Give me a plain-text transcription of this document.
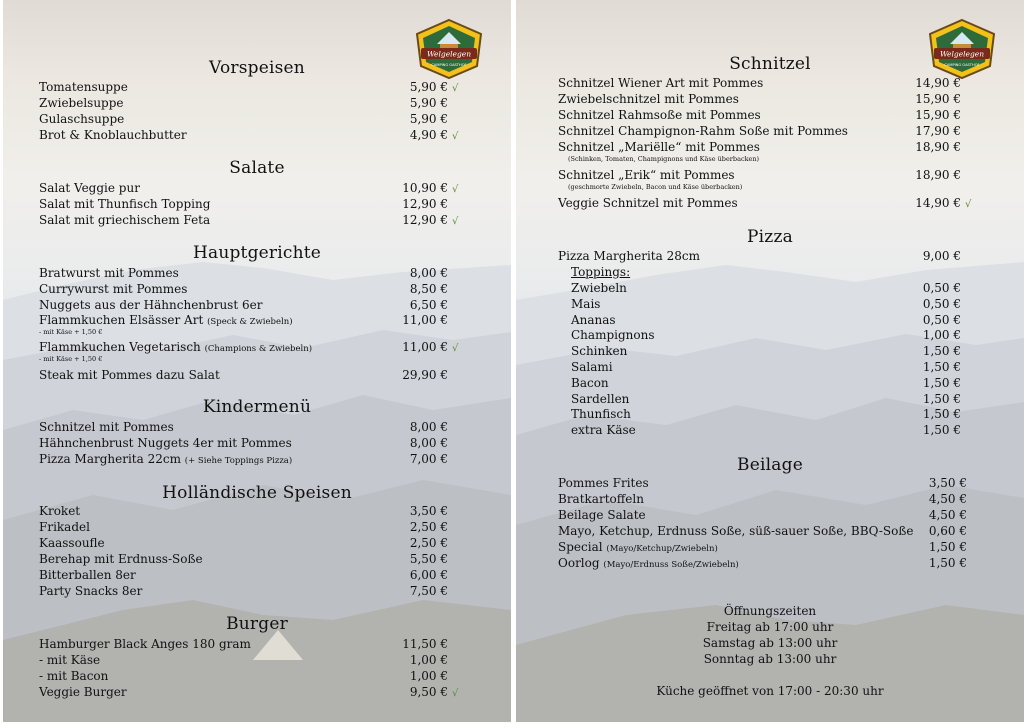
Welgelegen
CAMPING GASTHOF
Vorspeisen
Tomatensuppe	5,90 € √
Zwiebelsuppe	5,90 €
Gulaschsuppe	5,90 €
Brot & Knoblauchbutter	4,90 € √
Salate
Salat Veggie pur	10,90 € √
Salat mit Thunfisch Topping	12,90 €
Salat mit griechischem Feta	12,90 € √
Hauptgerichte
Bratwurst mit Pommes	8,00 €
Currywurst mit Pommes	8,50 €
Nuggets aus der Hähnchenbrust 6er	6,50 €
Flammkuchen Elsässer Art (Speck & Zwiebeln)	11,00 €
- mit Käse + 1,50 €
Flammkuchen Vegetarisch (Champions & Zwiebeln)	11,00 € √
- mit Käse + 1,50 €
Steak mit Pommes dazu Salat	29,90 €
Kindermenü
Schnitzel mit Pommes	8,00 €
Hähnchenbrust Nuggets 4er mit Pommes	8,00 €
Pizza Margherita 22cm (+ Siehe Toppings Pizza)	7,00 €
Holländische Speisen
Kroket	3,50 €
Frikadel	2,50 €
Kaassoufle	2,50 €
Berehap mit Erdnuss-Soße	5,50 €
Bitterballen 8er	6,00 €
Party Snacks 8er	7,50 €
Burger
Hamburger Black Anges 180 gram	11,50 €
- mit Käse	1,00 €
- mit Bacon	1,00 €
Veggie Burger	9,50 € √
Welgelegen
CAMPING GASTHOF
Schnitzel
Schnitzel Wiener Art mit Pommes	14,90 €
Zwiebelschnitzel mit Pommes	15,90 €
Schnitzel Rahmsoße mit Pommes	15,90 €
Schnitzel Champignon-Rahm Soße mit Pommes	17,90 €
Schnitzel „Mariëlle“ mit Pommes	18,90 €
(Schinken, Tomaten, Champignons und Käse überbacken)
Schnitzel „Erik“ mit Pommes	18,90 €
(geschmorte Zwiebeln, Bacon und Käse überbacken)
Veggie Schnitzel mit Pommes	14,90 € √
Pizza
Pizza Margherita 28cm	9,00 €
Toppings:
Zwiebeln	0,50 €
Mais	0,50 €
Ananas	0,50 €
Champignons	1,00 €
Schinken	1,50 €
Salami	1,50 €
Bacon	1,50 €
Sardellen	1,50 €
Thunfisch	1,50 €
extra Käse	1,50 €
Beilage
Pommes Frites	3,50 €
Bratkartoffeln	4,50 €
Beilage Salate	4,50 €
Mayo, Ketchup, Erdnuss Soße, süß-sauer Soße, BBQ-Soße 0,60 €
Special (Mayo/Ketchup/Zwiebeln)	1,50 €
Oorlog (Mayo/Erdnuss Soße/Zwiebeln)	1,50 €
Öffnungszeiten
Freitag ab 17:00 uhr
Samstag ab 13:00 uhr
Sonntag ab 13:00 uhr
Küche geöffnet von 17:00 - 20:30 uhr
